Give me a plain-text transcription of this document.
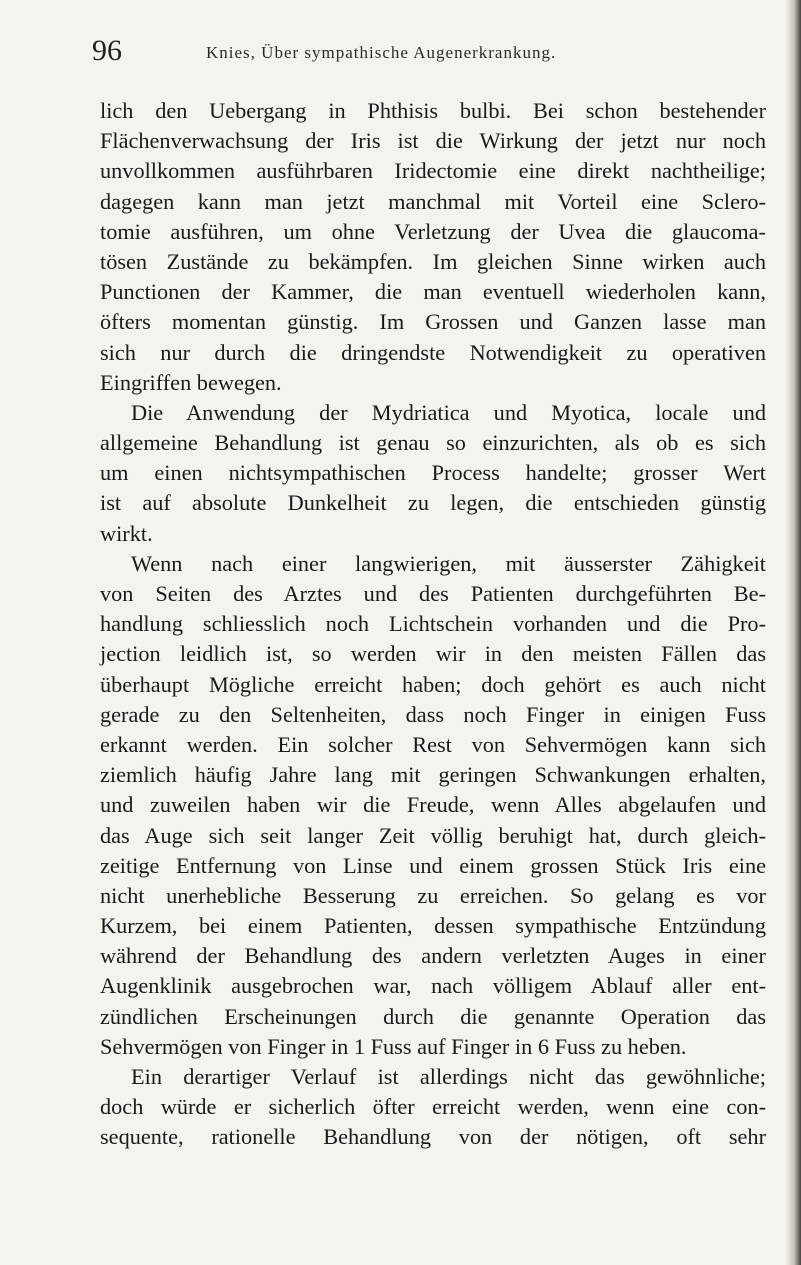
96	Knies, Über sympathische Augenerkrankung.
lich den Uebergang in Phthisis bulbi. Bei schon bestehender
Flächenverwachsung der Iris ist die Wirkung der jetzt nur noch
unvollkommen ausführbaren Iridectomie eine direkt nachtheilige;
dagegen kann man jetzt manchmal mit Vorteil eine Sclero-
tomie ausführen, um ohne Verletzung der Uvea die glaucoma-
tösen Zustände zu bekämpfen. Im gleichen Sinne wirken auch
Punctionen der Kammer, die man eventuell wiederholen kann,
öfters momentan günstig. Im Grossen und Ganzen lasse man
sich nur durch die dringendste Notwendigkeit zu operativen
Eingriffen bewegen.
Die Anwendung der Mydriatica und Myotica, locale und
allgemeine Behandlung ist genau so einzurichten, als ob es sich
um einen nichtsympathischen Process handelte; grosser Wert
ist auf absolute Dunkelheit zu legen, die entschieden günstig
wirkt.
Wenn nach einer langwierigen, mit äusserster Zähigkeit
von Seiten des Arztes und des Patienten durchgeführten Be-
handlung schliesslich noch Lichtschein vorhanden und die Pro-
jection leidlich ist, so werden wir in den meisten Fällen das
überhaupt Mögliche erreicht haben; doch gehört es auch nicht
gerade zu den Seltenheiten, dass noch Finger in einigen Fuss
erkannt werden. Ein solcher Rest von Sehvermögen kann sich
ziemlich häufig Jahre lang mit geringen Schwankungen erhalten,
und zuweilen haben wir die Freude, wenn Alles abgelaufen und
das Auge sich seit langer Zeit völlig beruhigt hat, durch gleich-
zeitige Entfernung von Linse und einem grossen Stück Iris eine
nicht unerhebliche Besserung zu erreichen. So gelang es vor
Kurzem, bei einem Patienten, dessen sympathische Entzündung
während der Behandlung des andern verletzten Auges in einer
Augenklinik ausgebrochen war, nach völligem Ablauf aller ent-
zündlichen Erscheinungen durch die genannte Operation das
Sehvermögen von Finger in 1 Fuss auf Finger in 6 Fuss zu heben.
Ein derartiger Verlauf ist allerdings nicht das gewöhnliche;
doch würde er sicherlich öfter erreicht werden, wenn eine con-
sequente, rationelle Behandlung von der nötigen, oft sehr
